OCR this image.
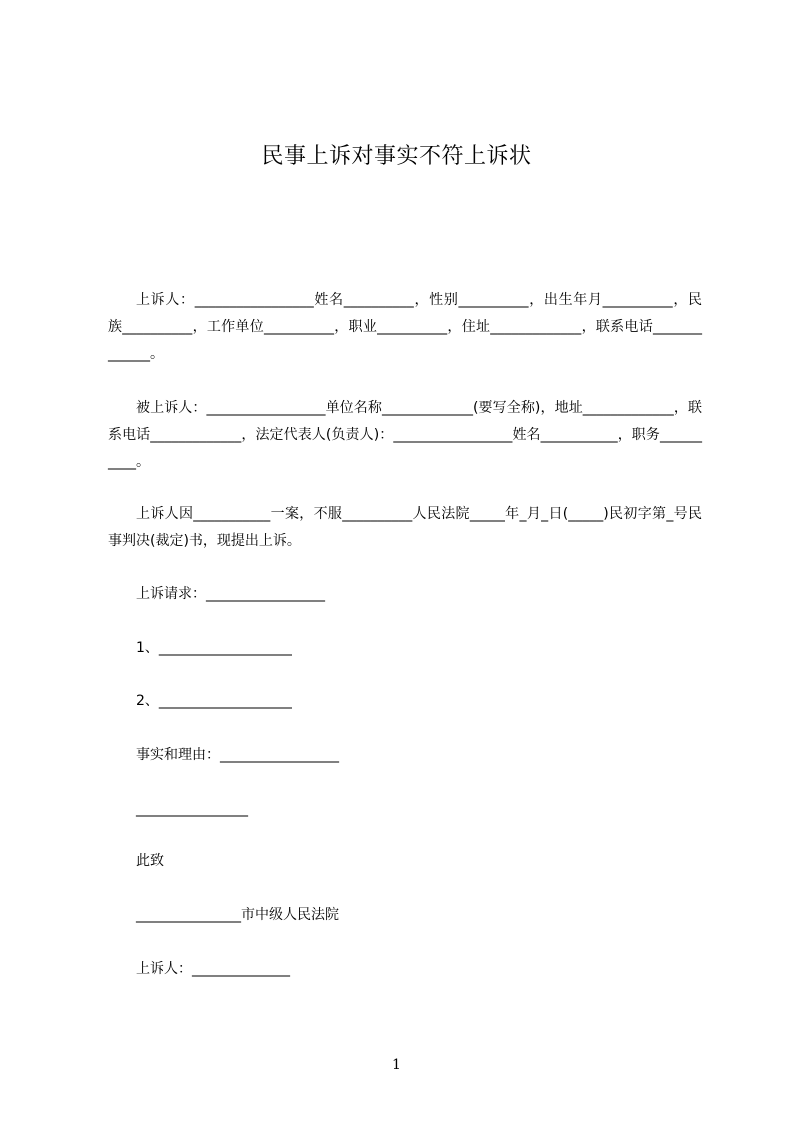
民事上诉对事实不符上诉状
上诉人：_________________姓名__________，性别__________，出生年月__________，民族__________，工作单位__________，职业__________，住址_____________，联系电话_____________。
被上诉人：_________________单位名称_____________(要写全称)，地址_____________，联系电话_____________，法定代表人(负责人)：_________________姓名___________，职务__________。
上诉人因___________一案，不服__________人民法院_____年_月_日(_____)民初字第_号民事判决(裁定)书，现提出上诉。
上诉请求：_________________
1、___________________
2、___________________
事实和理由：_________________
________________
此致
_______________市中级人民法院
上诉人：______________
1
